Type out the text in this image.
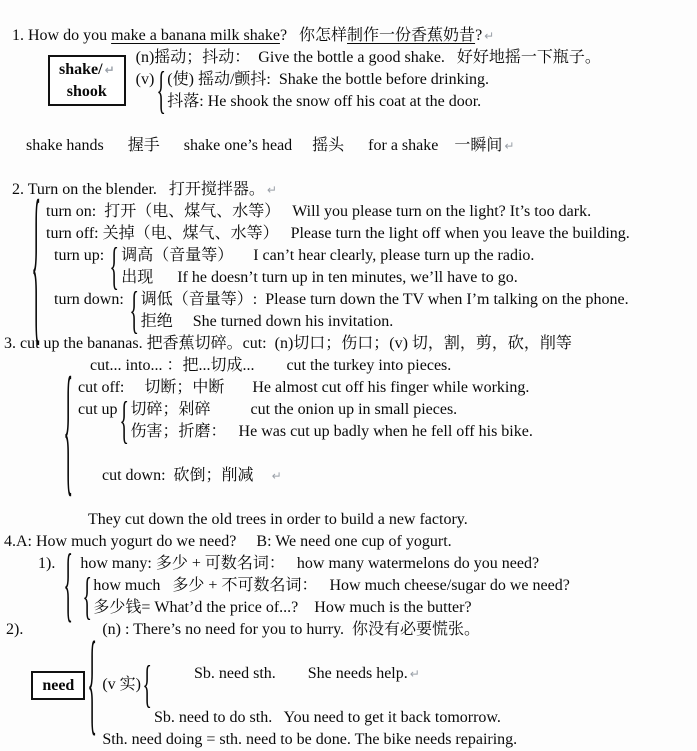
1. How do you make a banana milk shake?   你怎样制作一份香蕉奶昔? ↵

shake/ ↵
shook
(n)摇动；抖动：  Give the bottle a good shake.   好好地摇一下瓶子。
(v) { (使) 摇动/颤抖:  Shake the bottle before drinking.
抖落: He shook the snow off his coat at the door.

shake hands      握手      shake one’s head     摇头      for a shake    一瞬间 ↵

2. Turn on the blender.   打开搅拌器。 ↵

{ turn on:  打开（电、煤气、水等）   Will you please turn on the light? It’s too dark.
turn off: 关掉（电、煤气、水等）   Please turn the light off when you leave the building.
turn up: { 调高（音量等）     I can’t hear clearly, please turn up the radio.
出现      If he doesn’t turn up in ten minutes, we’ll have to go.
turn down: { 调低（音量等）:  Please turn down the TV when I’m talking on the phone.
拒绝     She turned down his invitation.
3. cut up the bananas. 把香蕉切碎。cut:  (n)切口；伤口；(v) 切，割，剪，砍，削等
{ cut... into... ：把...切成...        cut the turkey into pieces.
cut off:     切断；中断       He almost cut off his finger while working.
cut up { 切碎；剁碎          cut the onion up in small pieces.
伤害；折磨：   He was cut up badly when he fell off his bike.

cut down:  砍倒；削减    ↵

They cut down the old trees in order to build a new factory.
4.A: How much yogurt do we need?     B: We need one cup of yogurt.
1). { how many: 多少 + 可数名词：   how many watermelons do you need?
{ how much   多少 + 不可数名词：   How much cheese/sugar do we need?
多少钱= What’d the price of...?    How much is the butter?
2).
need { (n) : There’s no need for you to hurry.  你没有必要慌张。
(v 实) {	Sb. need sth.        She needs help. ↵

Sb. need to do sth.   You need to get it back tomorrow.
Sth. need doing = sth. need to be done. The bike needs repairing.
